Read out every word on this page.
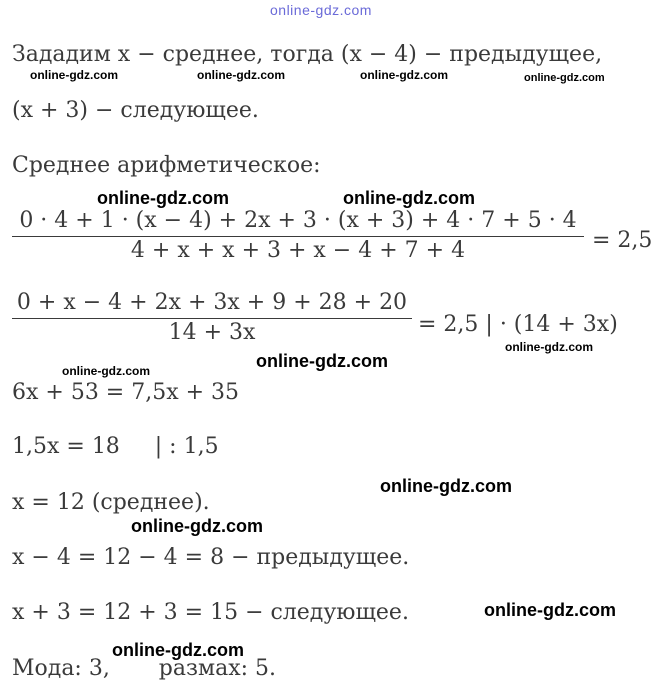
online-gdz.com
Зададим x − среднее, тогда (x − 4) − предыдущее,
online-gdz.com	online-gdz.com	online-gdz.com	online-gdz.com
(x + 3) − следующее.
Среднее арифметическое:
online-gdz.com	online-gdz.com
0 · 4 + 1 · (x − 4) + 2x + 3 · (x + 3) + 4 · 7 + 5 · 4
4 + x + x + 3 + x − 4 + 7 + 4	= 2,5
0 + x − 4 + 2x + 3x + 9 + 28 + 20
14 + 3x	= 2,5 | · (14 + 3x)
online-gdz.com
online-gdz.com	online-gdz.com
6x + 53 = 7,5x + 35
1,5x = 18     | : 1,5
online-gdz.com
x = 12 (среднее).
online-gdz.com
x − 4 = 12 − 4 = 8 − предыдущее.
online-gdz.com
x + 3 = 12 + 3 = 15 − следующее.
online-gdz.com
Мода: 3,       размах: 5.
